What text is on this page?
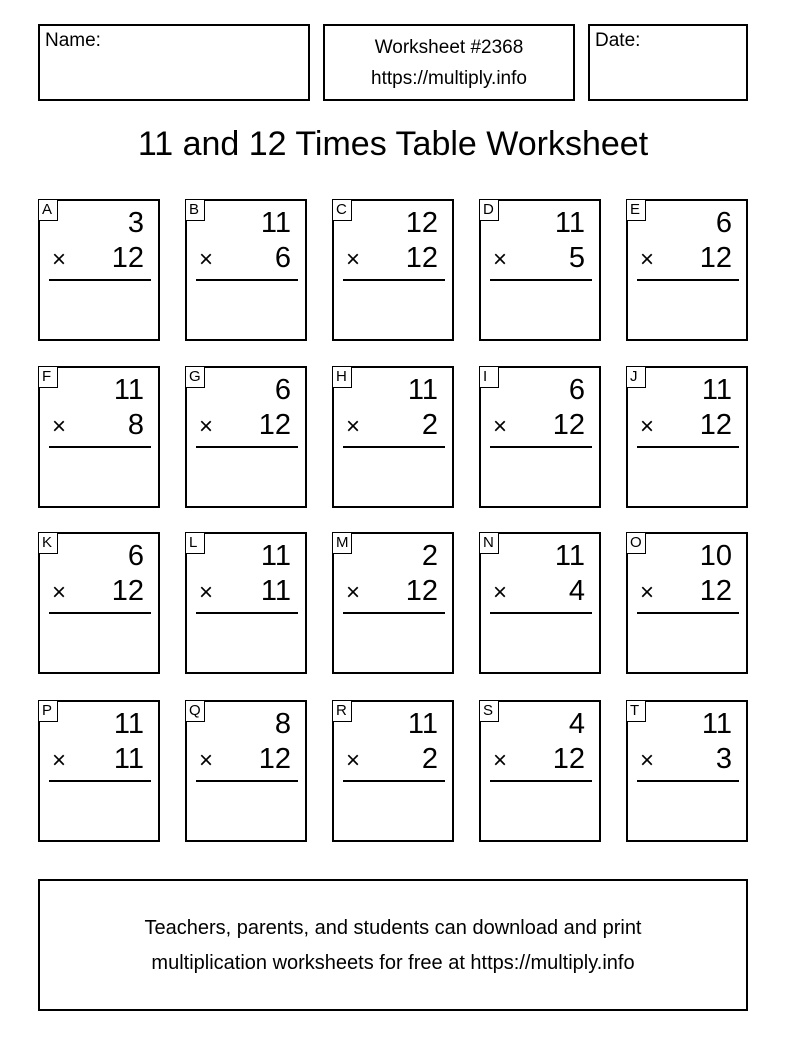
Name:	Worksheet #2368
https://multiply.info
Date:
11 and 12 Times Table Worksheet
A	3
× 12
B 11
× 6
C 12
× 12
D 11
× 5
E	6
× 12
F 11
× 8
G	6
× 12
H 11
× 2
I	6
× 12
J 11
× 12
K	6
× 12
L 11
× 11
M	2
× 12
N 11
× 4
O 10
× 12
P 11
× 11
Q	8
× 12
R 11
× 2
S	4
× 12
T 11
× 3
Teachers, parents, and students can download and print
multiplication worksheets for free at https://multiply.info
